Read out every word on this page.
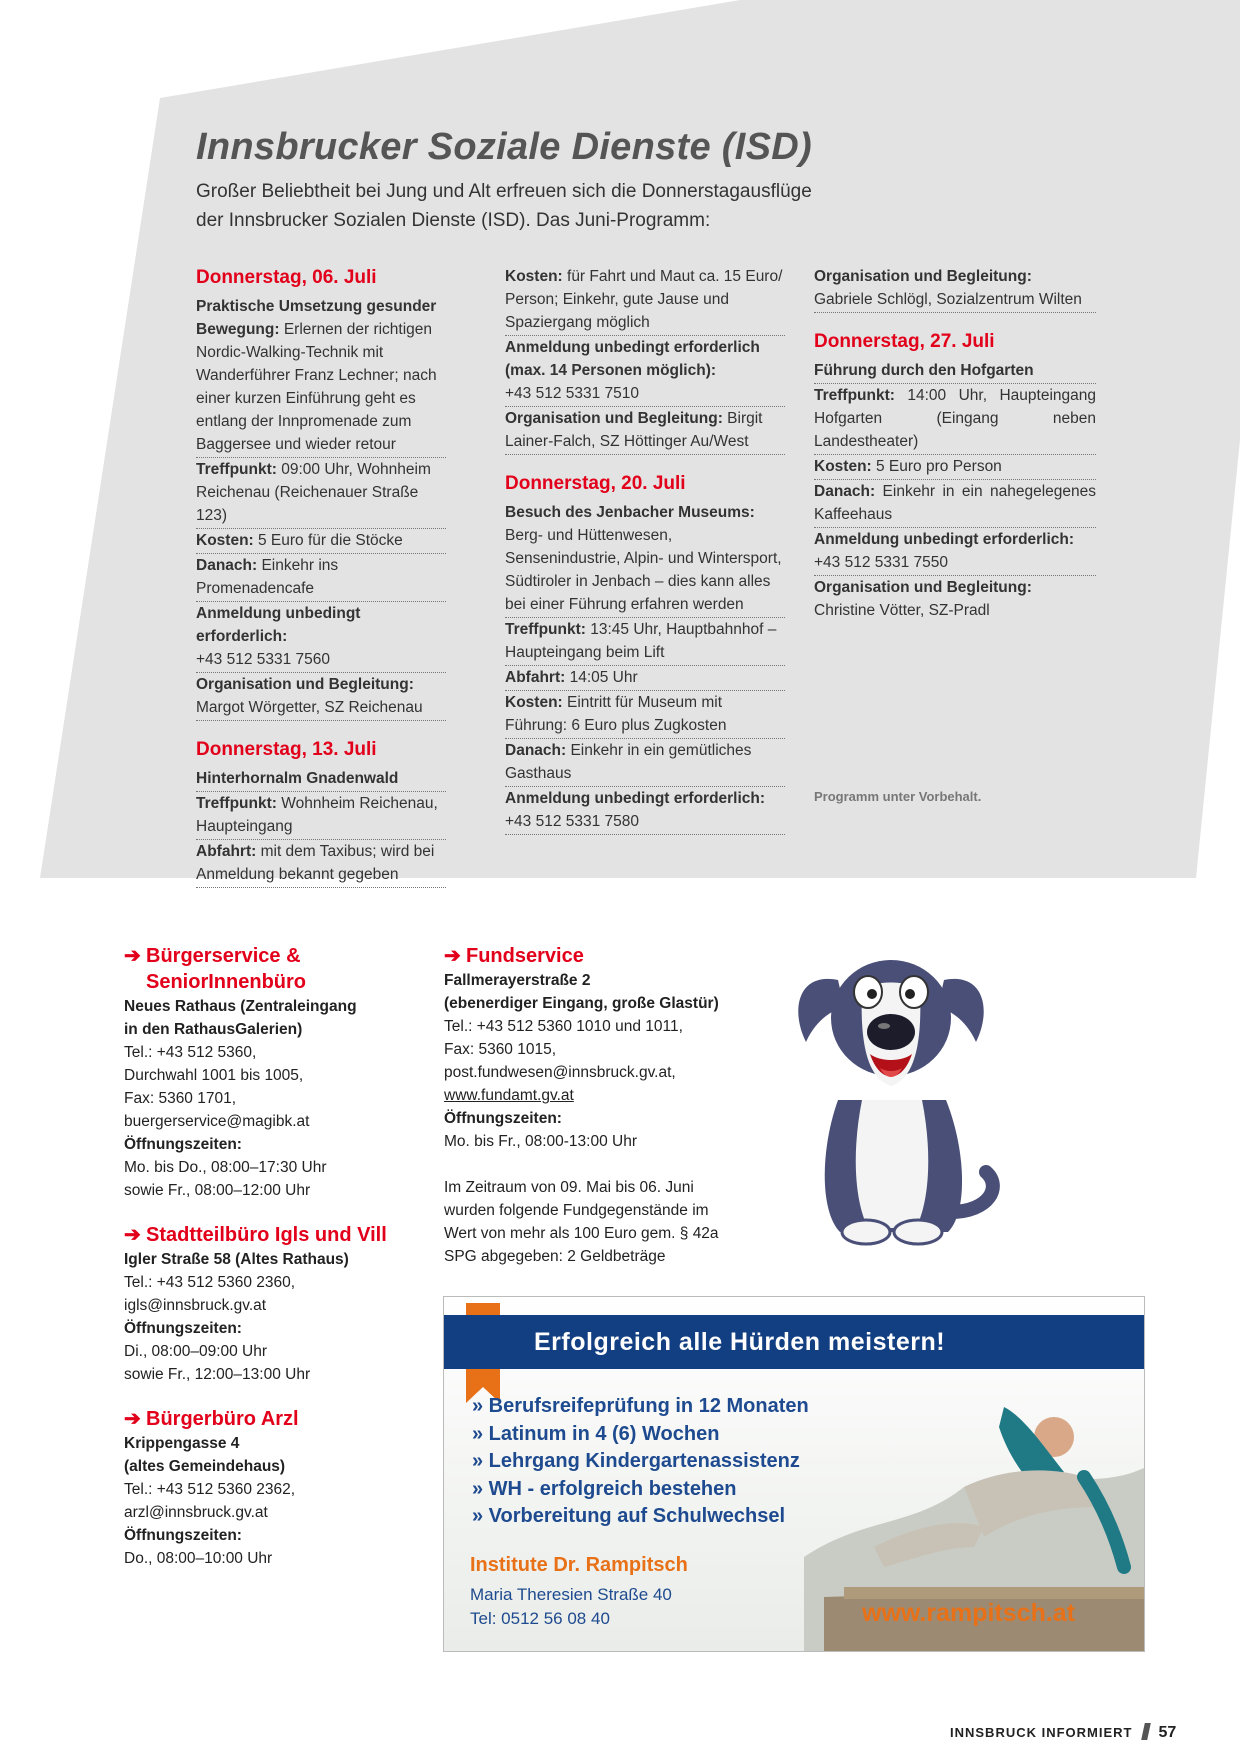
Innsbrucker Soziale Dienste (ISD)

Großer Beliebtheit bei Jung und Alt erfreuen sich die Donnerstagausflüge der Innsbrucker Sozialen Dienste (ISD). Das Juni-Programm:

Donnerstag, 06. Juli
Praktische Umsetzung gesunder
Bewegung: Erlernen der richtigen Nordic-Walking-Technik mit Wanderführer Franz Lechner; nach einer kurzen Einführung geht es entlang der Innpromenade zum Baggersee und wieder retour
Treffpunkt: 09:00 Uhr, Wohnheim Reichenau (Reichenauer Straße 123)
Kosten: 5 Euro für die Stöcke
Danach: Einkehr ins Promenadencafe
Anmeldung unbedingt erforderlich:
+43 512 5331 7560
Organisation und Begleitung:
Margot Wörgetter, SZ Reichenau
Donnerstag, 13. Juli
Hinterhornalm Gnadenwald
Treffpunkt: Wohnheim Reichenau, Haupteingang
Abfahrt: mit dem Taxibus; wird bei Anmeldung bekannt gegeben
Kosten: für Fahrt und Maut ca. 15 Euro/ Person; Einkehr, gute Jause und Spaziergang möglich
Anmeldung unbedingt erforderlich (max. 14 Personen möglich):
+43 512 5331 7510
Organisation und Begleitung: Birgit Lainer-Falch, SZ Höttinger Au/West
Donnerstag, 20. Juli
Besuch des Jenbacher Museums:
Berg- und Hüttenwesen, Sensenindustrie, Alpin- und Wintersport, Südtiroler in Jenbach – dies kann alles bei einer Führung erfahren werden
Treffpunkt: 13:45 Uhr, Hauptbahnhof – Haupteingang beim Lift
Abfahrt: 14:05 Uhr
Kosten: Eintritt für Museum mit Führung: 6 Euro plus Zugkosten
Danach: Einkehr in ein gemütliches Gasthaus
Anmeldung unbedingt erforderlich:
+43 512 5331 7580
Organisation und Begleitung:
Gabriele Schlögl, Sozialzentrum Wilten
Donnerstag, 27. Juli
Führung durch den Hofgarten
Treffpunkt: 14:00 Uhr, Haupteingang Hofgarten (Eingang neben Landestheater)
Kosten: 5 Euro pro Person
Danach: Einkehr in ein nahegelegenes Kaffeehaus
Anmeldung unbedingt erforderlich:
+43 512 5331 7550
Organisation und Begleitung:
Christine Vötter, SZ-Pradl
Programm unter Vorbehalt.
➔ Bürgerservice &
SeniorInnenbüro
Neues Rathaus (Zentraleingang
in den RathausGalerien)
Tel.: +43 512 5360,
Durchwahl 1001 bis 1005,
Fax: 5360 1701,
buergerservice@magibk.at
Öffnungszeiten:
Mo. bis Do., 08:00–17:30 Uhr
sowie Fr., 08:00–12:00 Uhr
➔ Stadtteilbüro Igls und Vill
Igler Straße 58 (Altes Rathaus)
Tel.: +43 512 5360 2360,
igls@innsbruck.gv.at
Öffnungszeiten:
Di., 08:00–09:00 Uhr
sowie Fr., 12:00–13:00 Uhr
➔ Bürgerbüro Arzl
Krippengasse 4
(altes Gemeindehaus)
Tel.: +43 512 5360 2362,
arzl@innsbruck.gv.at
Öffnungszeiten:
Do., 08:00–10:00 Uhr
➔ Fundservice
Fallmerayerstraße 2
(ebenerdiger Eingang, große Glastür)
Tel.: +43 512 5360 1010 und 1011,
Fax: 5360 1015,
post.fundwesen@innsbruck.gv.at,
www.fundamt.gv.at
Öffnungszeiten:
Mo. bis Fr., 08:00-13:00 Uhr
Im Zeitraum von 09. Mai bis 06. Juni wurden folgende Fundgegenstände im Wert von mehr als 100 Euro gem. § 42a SPG abgegeben: 2 Geldbeträge
Erfolgreich alle Hürden meistern!
» Berufsreifeprüfung in 12 Monaten
» Latinum in 4 (6) Wochen
» Lehrgang Kindergartenassistenz
» WH - erfolgreich bestehen
» Vorbereitung auf Schulwechsel
Institute Dr. Rampitsch
Maria Theresien Straße 40
Tel: 0512 56 08 40	www.rampitsch.at
INNSBRUCK INFORMIERT 57
